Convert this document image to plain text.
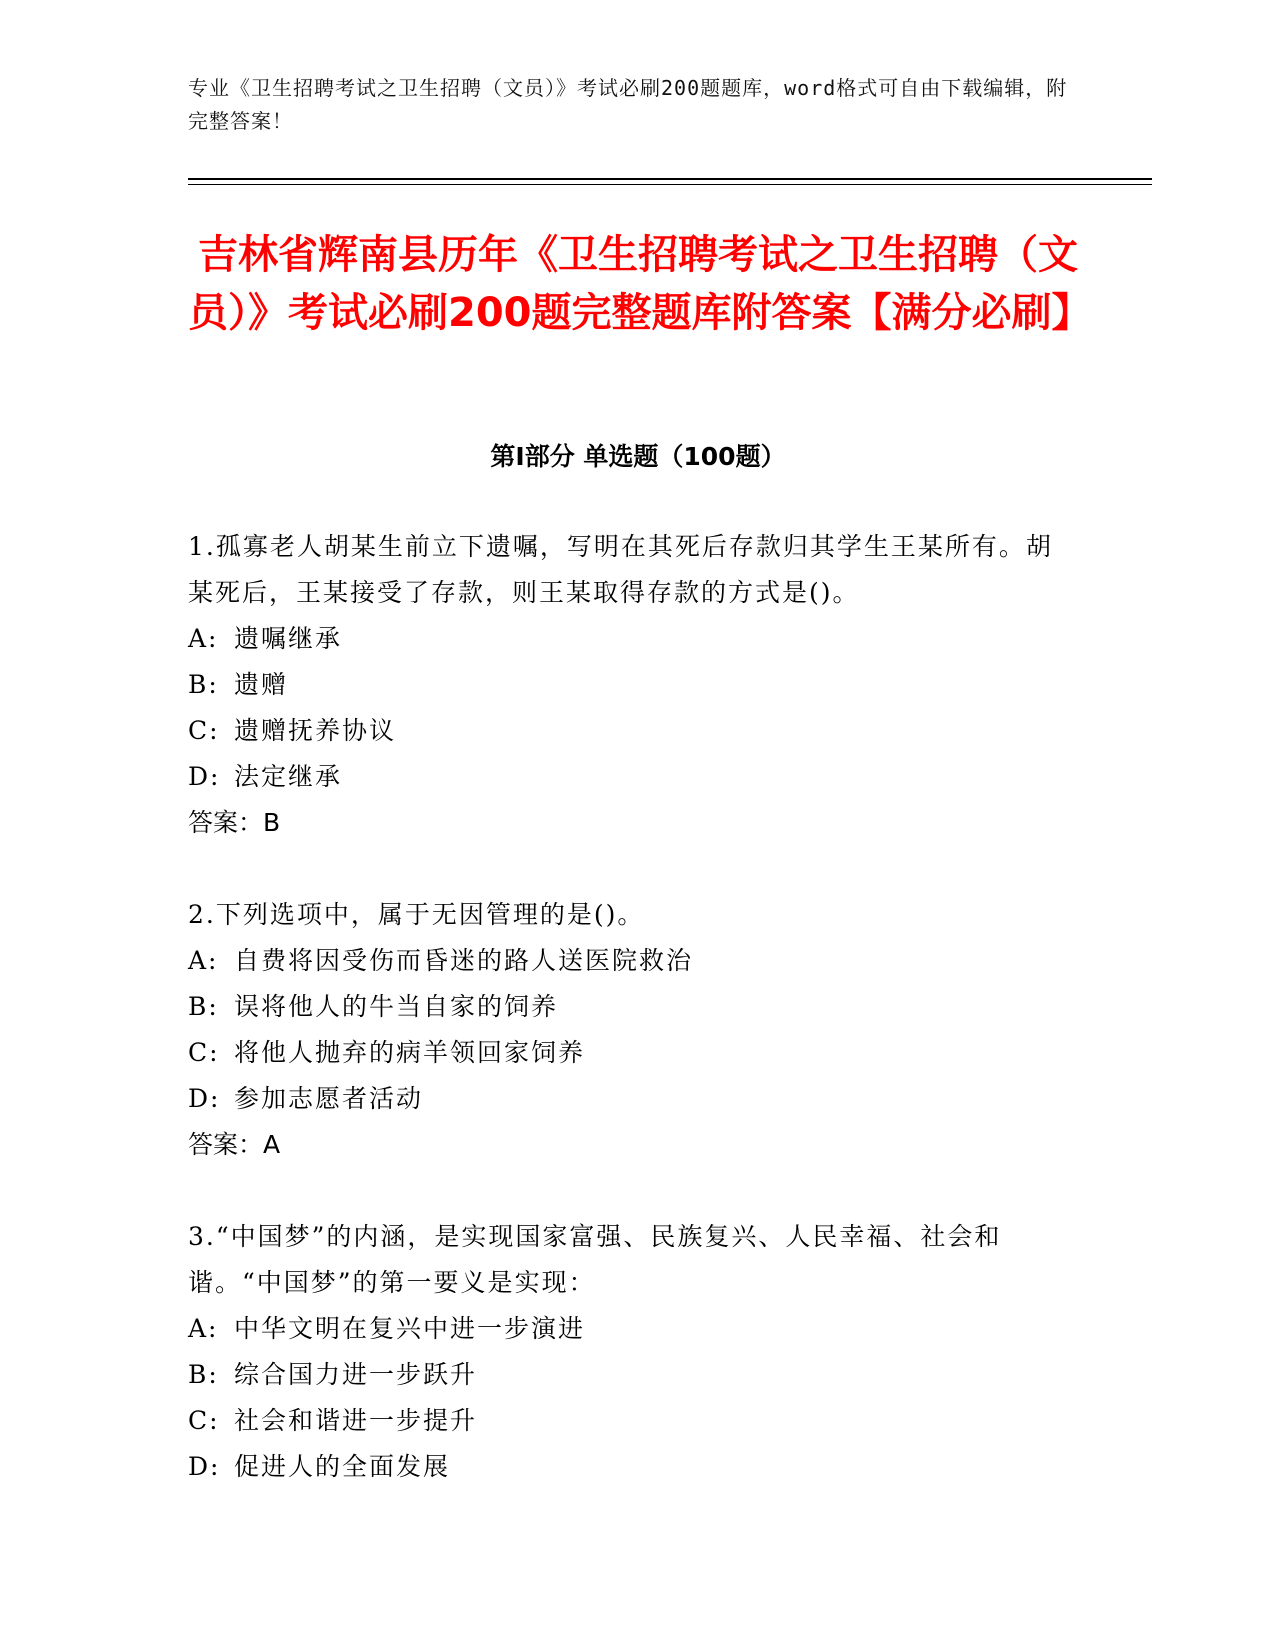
专业《卫生招聘考试之卫生招聘（文员）》考试必刷200题题库，word格式可自由下载编辑，附完整答案！
吉林省辉南县历年《卫生招聘考试之卫生招聘（文员）》考试必刷200题完整题库附答案【满分必刷】
第I部分 单选题（100题）

1.孤寡老人胡某生前立下遗嘱，写明在其死后存款归其学生王某所有。胡某死后，王某接受了存款，则王某取得存款的方式是()。

A: 遗嘱继承
B: 遗赠
C: 遗赠抚养协议
D: 法定继承

答案：B

2.下列选项中，属于无因管理的是()。

A: 自费将因受伤而昏迷的路人送医院救治
B: 误将他人的牛当自家的饲养
C: 将他人抛弃的病羊领回家饲养
D: 参加志愿者活动

答案：A

3.“中国梦”的内涵，是实现国家富强、民族复兴、人民幸福、社会和谐。“中国梦”的第一要义是实现：

A: 中华文明在复兴中进一步演进
B: 综合国力进一步跃升
C: 社会和谐进一步提升
D: 促进人的全面发展
